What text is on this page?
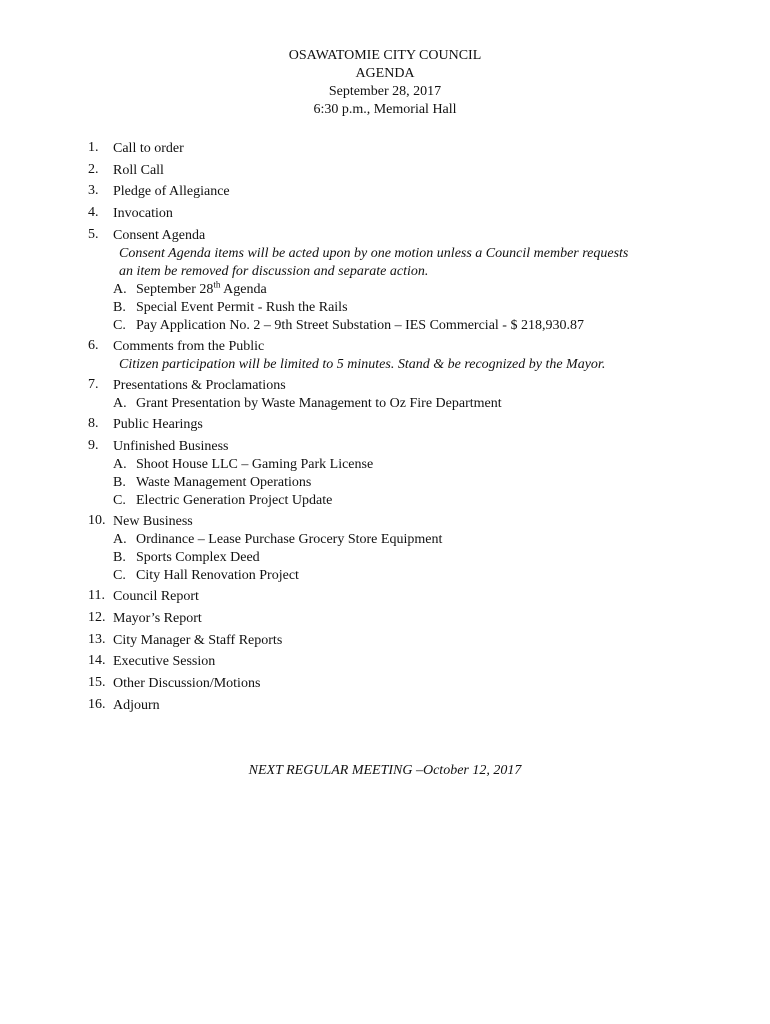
OSAWATOMIE CITY COUNCIL
AGENDA
September 28, 2017
6:30 p.m., Memorial Hall
1.	Call to order
2.	Roll Call
3.	Pledge of Allegiance
4.	Invocation
5.	Consent Agenda
Consent Agenda items will be acted upon by one motion unless a Council member requests
an item be removed for discussion and separate action.
A. September 28th Agenda
B. Special Event Permit - Rush the Rails
C. Pay Application No. 2 – 9th Street Substation – IES Commercial - $ 218,930.87
6.	Comments from the Public
Citizen participation will be limited to 5 minutes. Stand & be recognized by the Mayor.
7.	Presentations & Proclamations
A. Grant Presentation by Waste Management to Oz Fire Department
8.	Public Hearings
9.	Unfinished Business
A. Shoot House LLC – Gaming Park License
B. Waste Management Operations
C. Electric Generation Project Update
10. New Business
A. Ordinance – Lease Purchase Grocery Store Equipment
B. Sports Complex Deed
C. City Hall Renovation Project
11. Council Report
12. Mayor’s Report
13. City Manager & Staff Reports
14. Executive Session
15. Other Discussion/Motions
16. Adjourn
NEXT REGULAR MEETING –October 12, 2017
